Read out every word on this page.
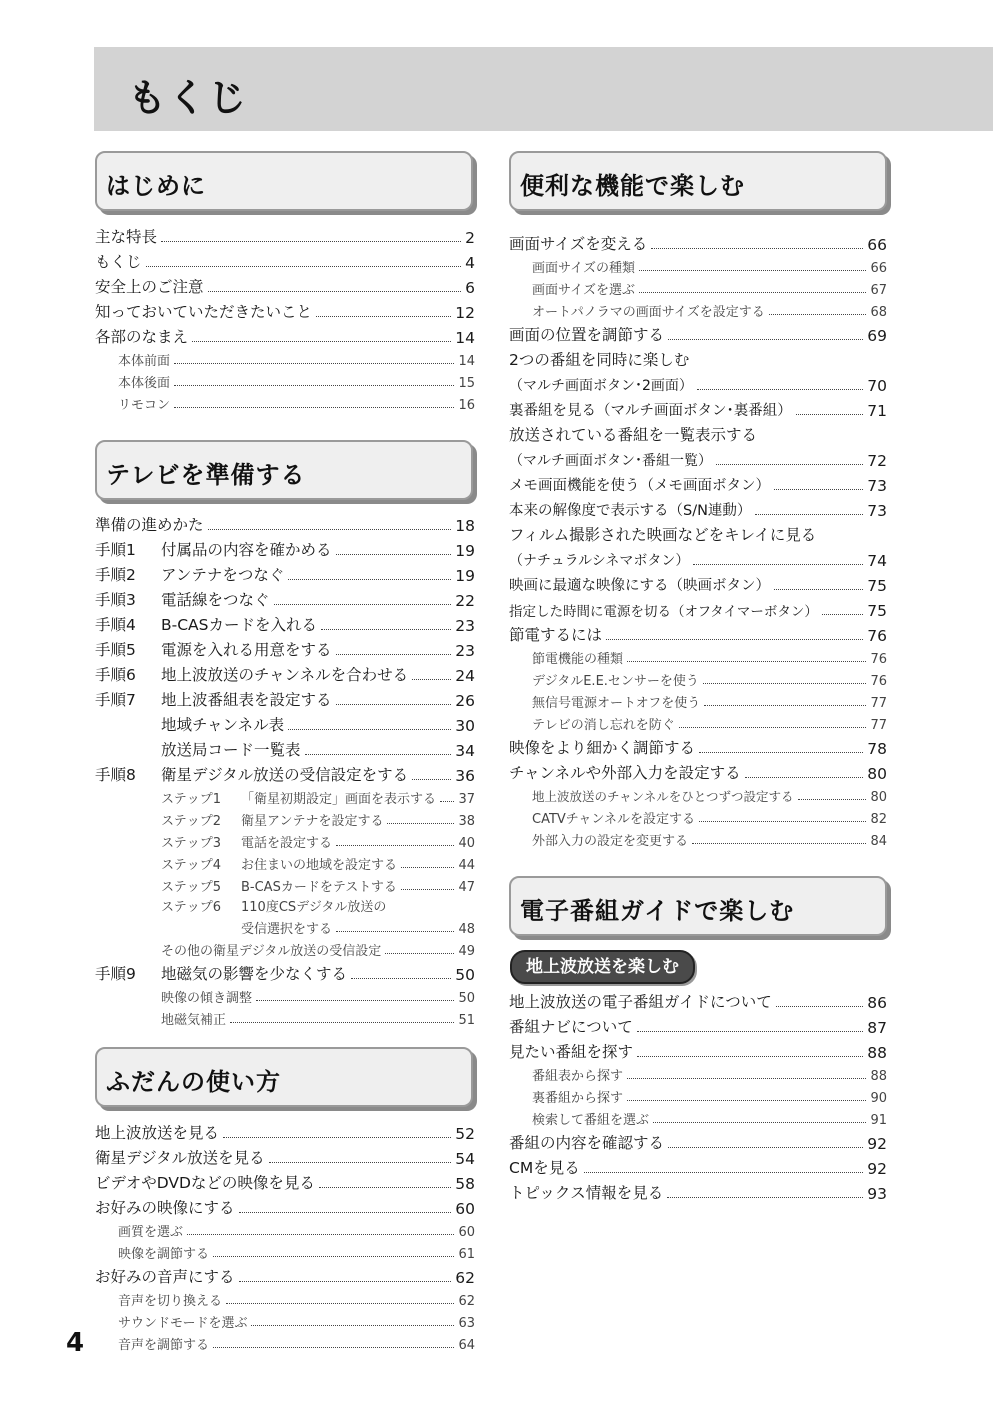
もくじ
はじめに
主な特長	2
もくじ	4
安全上のご注意	6
知っておいていただきたいこと	12
各部のなまえ	14
本体前面	14
本体後面	15
リモコン	16
テレビを準備する
準備の進めかた	18
手順1	付属品の内容を確かめる	19
手順2	アンテナをつなぐ	19
手順3	電話線をつなぐ	22
手順4	B-CASカードを入れる	23
手順5	電源を入れる用意をする	23
手順6	地上波放送のチャンネルを合わせる	24
手順7	地上波番組表を設定する	26
地域チャンネル表	30
放送局コード一覧表	34
手順8	衛星デジタル放送の受信設定をする	36
ステップ1	「衛星初期設定」画面を表示する 37
ステップ2	衛星アンテナを設定する	38
ステップ3	電話を設定する	40
ステップ4	お住まいの地域を設定する	44
ステップ5	B-CASカードをテストする	47
ステップ6	110度CSデジタル放送の
受信選択をする	48
その他の衛星デジタル放送の受信設定	49
手順9	地磁気の影響を少なくする	50
映像の傾き調整	50
地磁気補正	51
ふだんの使い方
地上波放送を見る	52
衛星デジタル放送を見る	54
ビデオやDVDなどの映像を見る	58
お好みの映像にする	60
画質を選ぶ	60
映像を調節する	61
お好みの音声にする	62
音声を切り換える	62
サウンドモードを選ぶ	63
音声を調節する	64
便利な機能で楽しむ
画面サイズを変える	66
画面サイズの種類	66
画面サイズを選ぶ	67
オートパノラマの画面サイズを設定する	68
画面の位置を調節する	69
2つの番組を同時に楽しむ
（マルチ画面ボタン･2画面）	70
裏番組を見る（マルチ画面ボタン･裏番組）	71
放送されている番組を一覧表示する
（マルチ画面ボタン･番組一覧）	72
メモ画面機能を使う（メモ画面ボタン）	73
本来の解像度で表示する（S/N連動）	73
フィルム撮影された映画などをキレイに見る
（ナチュラルシネマボタン）	74
映画に最適な映像にする（映画ボタン）	75
指定した時間に電源を切る（オフタイマーボタン）	75
節電するには	76
節電機能の種類	76
デジタルE.E.センサーを使う	76
無信号電源オートオフを使う	77
テレビの消し忘れを防ぐ	77
映像をより細かく調節する	78
チャンネルや外部入力を設定する	80
地上波放送のチャンネルをひとつずつ設定する	80
CATVチャンネルを設定する	82
外部入力の設定を変更する	84
電子番組ガイドで楽しむ
地上波放送を楽しむ
地上波放送の電子番組ガイドについて	86
番組ナビについて	87
見たい番組を探す	88
番組表から探す	88
裏番組から探す	90
検索して番組を選ぶ	91
番組の内容を確認する	92
CMを見る	92
トピックス情報を見る	93
4
